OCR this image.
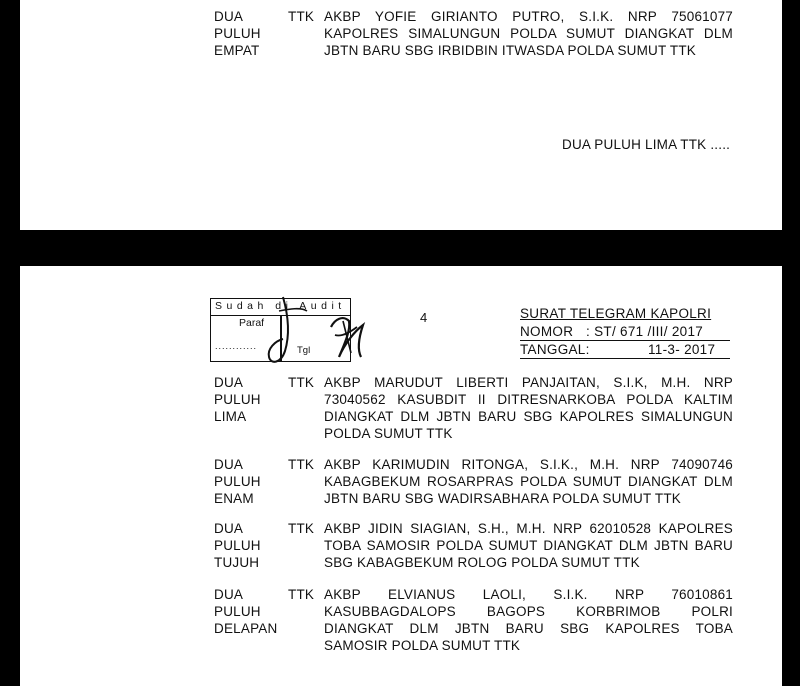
DUA
PULUH
EMPAT
TTK AKBP YOFIE GIRIANTO PUTRO, S.I.K. NRP 75061077
KAPOLRES SIMALUNGUN POLDA SUMUT DIANGKAT DLM
JBTN BARU SBG IRBIDBIN ITWASDA POLDA SUMUT TTK
DUA PULUH LIMA TTK .....
Sudah di Audit
Paraf
............	Tgl
4	SURAT TELEGRAM KAPOLRI
NOMOR : ST/ 671 /III/ 2017
TANGGAL:	11-3- 2017
DUA
PULUH
LIMA
TTK AKBP MARUDUT LIBERTI PANJAITAN, S.I.K, M.H. NRP
73040562 KASUBDIT II DITRESNARKOBA POLDA KALTIM
DIANGKAT DLM JBTN BARU SBG KAPOLRES SIMALUNGUN
POLDA SUMUT TTK
DUA
PULUH
ENAM
TTK AKBP KARIMUDIN RITONGA, S.I.K., M.H. NRP 74090746
KABAGBEKUM ROSARPRAS POLDA SUMUT DIANGKAT DLM
JBTN BARU SBG WADIRSABHARA POLDA SUMUT TTK
DUA
PULUH
TUJUH
TTK AKBP JIDIN SIAGIAN, S.H., M.H. NRP 62010528 KAPOLRES
TOBA SAMOSIR POLDA SUMUT DIANGKAT DLM JBTN BARU
SBG KABAGBEKUM ROLOG POLDA SUMUT TTK
DUA
PULUH
DELAPAN
TTK AKBP ELVIANUS LAOLI, S.I.K. NRP 76010861
KASUBBAGDALOPS BAGOPS KORBRIMOB POLRI
DIANGKAT DLM JBTN BARU SBG KAPOLRES TOBA
SAMOSIR POLDA SUMUT TTK
